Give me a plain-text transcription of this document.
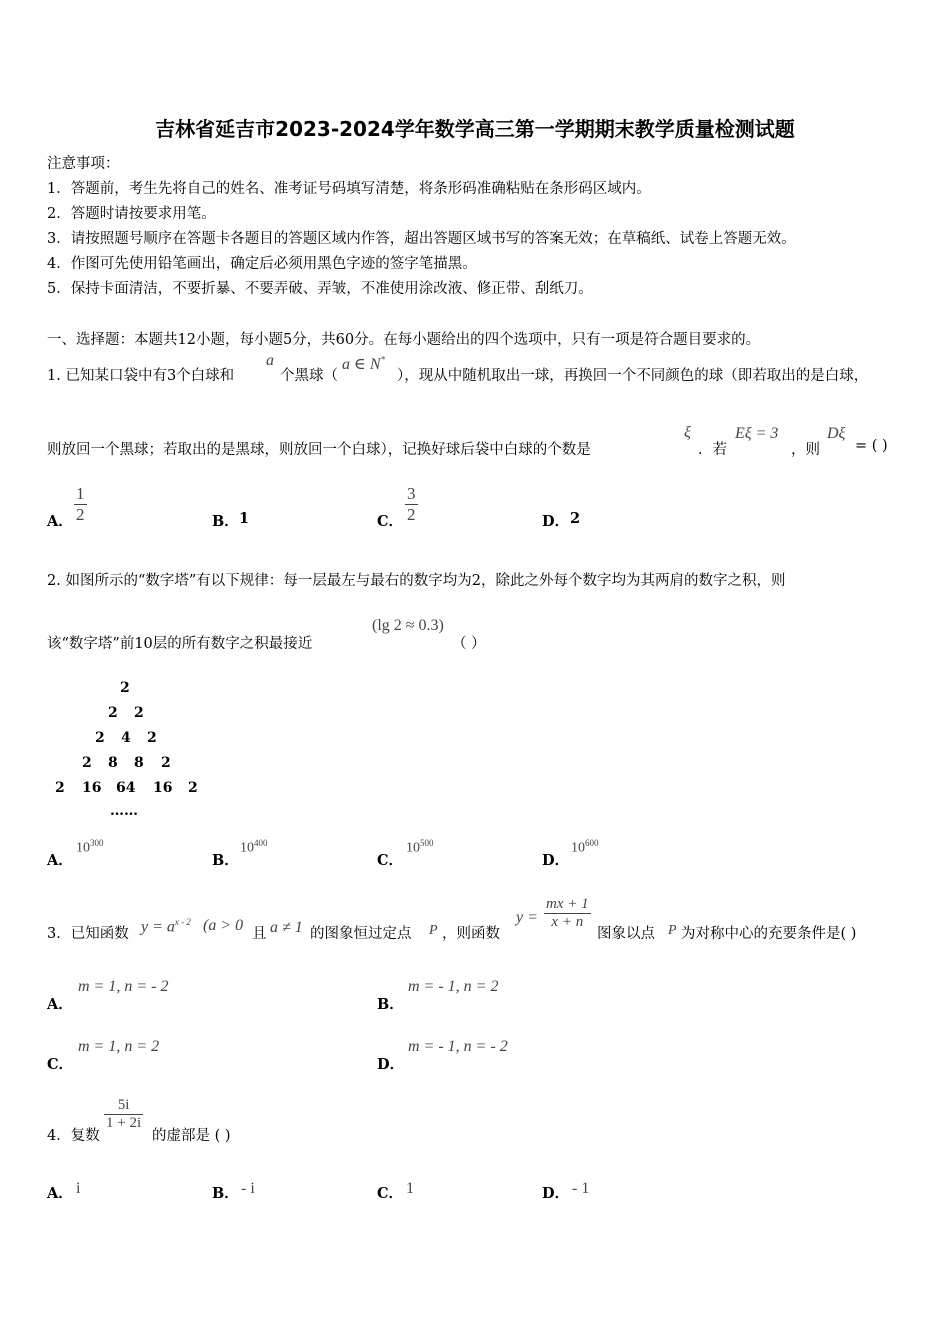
吉林省延吉市2023-2024学年数学高三第一学期期末教学质量检测试题
注意事项：
1．答题前，考生先将自己的姓名、准考证号码填写清楚，将条形码准确粘贴在条形码区域内。
2．答题时请按要求用笔。
3．请按照题号顺序在答题卡各题目的答题区域内作答，超出答题区域书写的答案无效；在草稿纸、试卷上答题无效。
4．作图可先使用铅笔画出，确定后必须用黑色字迹的签字笔描黑。
5．保持卡面清洁，不要折暴、不要弄破、弄皱，不准使用涂改液、修正带、刮纸刀。
一、选择题：本题共12小题，每小题5分，共60分。在每小题给出的四个选项中，只有一项是符合题目要求的。
1. 已知某口袋中有3个白球和
a
个黑球（
a ∈ N*
），现从中随机取出一球，再换回一个不同颜色的球（即若取出的是白球，
则放回一个黑球；若取出的是黑球，则放回一个白球），记换好球后袋中白球的个数是
ξ
．若
Eξ = 3
，则
Dξ
= ( )
A． $\frac{1}{2}$	B． 1	C． $\frac{3}{2}$	D． 2
2. 如图所示的“数字塔”有以下规律：每一层最左与最右的数字均为2，除此之外每个数字均为其两肩的数字之积，则
该“数字塔”前10层的所有数字之积最接近
(lg 2 ≈ 0.3)
（ ）
2
2 2
2 4 2
2 8 8 2
2 16 64 16 2
……
A．
$10^{300}$
B．
$10^{400}$
C．
$10^{500}$
D．
$10^{600}$
3．已知函数 $y = a^{x - 2}$ (a > 0 且 a ≠ 1 的图象恒过定点 P ，则函数
$y = \frac{mx + 1}{x + n}$
图象以点 P 为对称中心的充要条件是( )
A．
m = 1, n = - 2
B．
m = - 1, n = 2
C．
m = 1, n = 2
D．
m = - 1, n = - 2
4．复数
$\frac{5i}{1 + 2i}$
的虚部是 ( )
A． i	B． - i	C． 1	D． - 1
